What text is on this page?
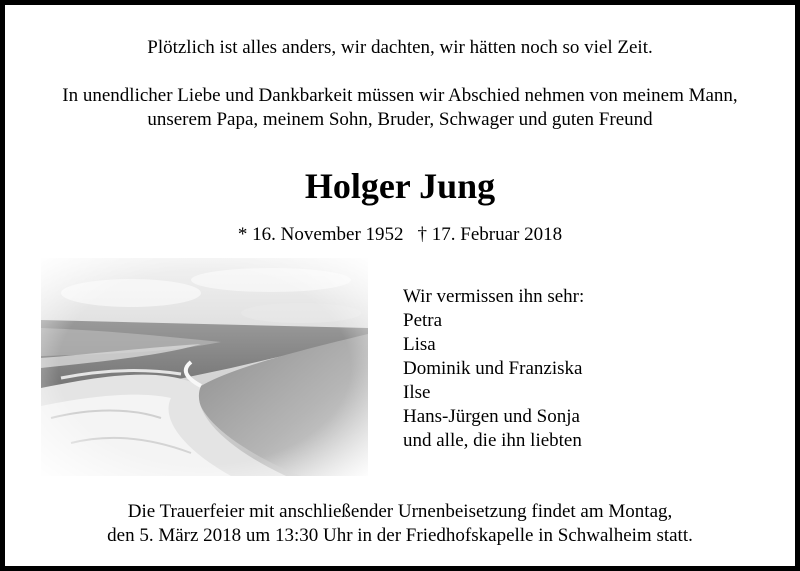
Plötzlich ist alles anders, wir dachten, wir hätten noch so viel Zeit.
In unendlicher Liebe und Dankbarkeit müssen wir Abschied nehmen von meinem Mann,
unserem Papa, meinem Sohn, Bruder, Schwager und guten Freund
Holger Jung
* 16. November 1952 † 17. Februar 2018
Wir vermissen ihn sehr:
Petra
Lisa
Dominik und Franziska
Ilse
Hans-Jürgen und Sonja
und alle, die ihn liebten
Die Trauerfeier mit anschließender Urnenbeisetzung findet am Montag,
den 5. März 2018 um 13:30 Uhr in der Friedhofskapelle in Schwalheim statt.
